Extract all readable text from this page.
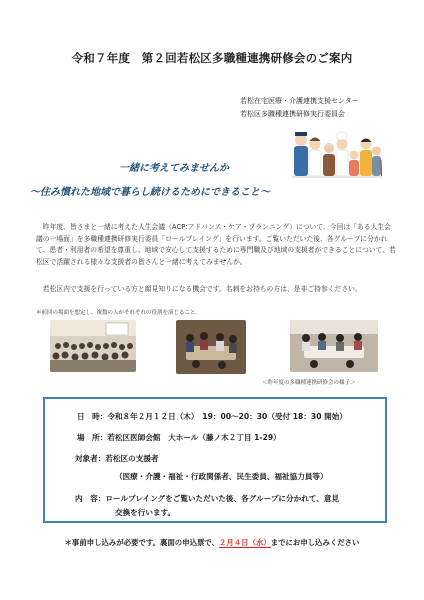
令和７年度　第２回若松区多職種連携研修会のご案内
若松在宅医療・介護連携支援センター
若松区多職種連携研修実行委員会
一緒に考えてみませんか
〜住み慣れた地域で暮らし続けるためにできること〜

昨年度、皆さまと一緒に考えた人生会議（ACP:アドバンス・ケア・プランニング）について、今回は「ある人生会議の一場面」を多職種連携研修実行委員「ロールプレイング」を行います。ご覧いただいた後、各グループに分かれて、患者・利用者の希望を尊重し、地域で安心して支援するために専門職及び地域の支援者ができることについて、若松区で活躍される様々な支援者の皆さんと一緒に考えてみませんか。

若松区内で支援を行っている方と顔見知りになる機会です。名刺をお持ちの方は、是非ご持参ください。

＊前回の場面を想定し、複数の人がそれぞれの役割を演じること。
＜昨年度の多職種連携研修会の様子＞
日　時：令和８年２月１２日（木）　19：00〜20：30（受付 18：30 開始）
場　所：若松区医師会館　大ホール（藤ノ木２丁目 1-29）
対象者：若松区の支援者
（医療・介護・福祉・行政関係者、民生委員、福祉協力員等）
内　容：ロールプレイングをご覧いただいた後、各グループに分かれて、意見
交換を行います。
＊事前申し込みが必要です。裏面の申込票で、２月４日（水）までにお申し込みください
